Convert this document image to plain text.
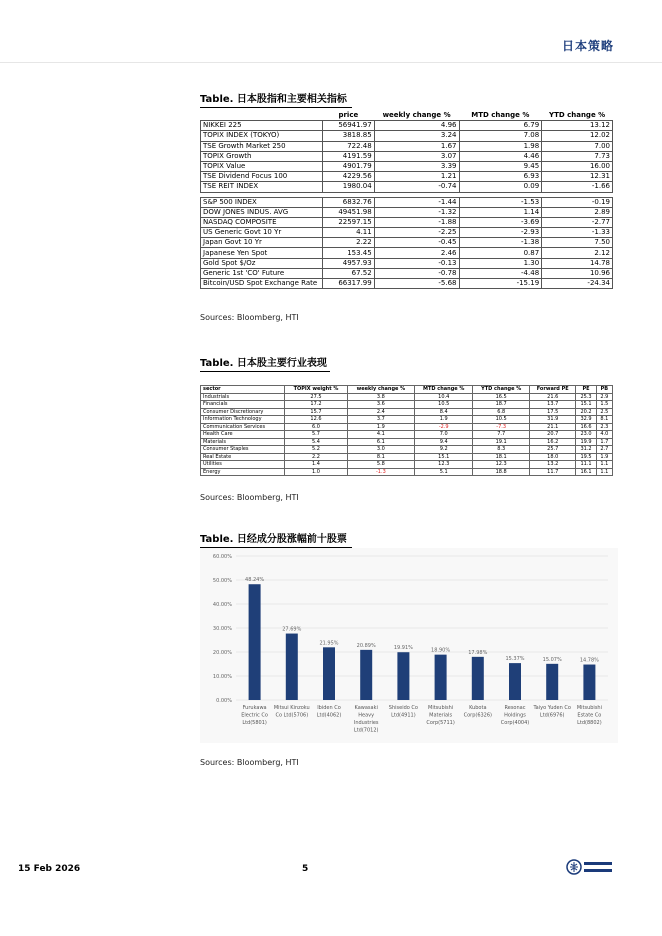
日本策略
Table. 日本股指和主要相关指标
	price	weekly change %	MTD change %	YTD change %
NIKKEI 225	56941.97	4.96	6.79	13.12
TOPIX INDEX (TOKYO)	3818.85	3.24	7.08	12.02
TSE Growth Market 250	722.48	1.67	1.98	7.00
TOPIX Growth	4191.59	3.07	4.46	7.73
TOPIX Value	4901.79	3.39	9.45	16.00
TSE Dividend Focus 100	4229.56	1.21	6.93	12.31
TSE REIT INDEX	1980.04	-0.74	0.09	-1.66

S&P 500 INDEX	6832.76	-1.44	-1.53	-0.19
DOW JONES INDUS. AVG	49451.98	-1.32	1.14	2.89
NASDAQ COMPOSITE	22597.15	-1.88	-3.69	-2.77
US Generic Govt 10 Yr	4.11	-2.25	-2.93	-1.33
Japan Govt 10 Yr	2.22	-0.45	-1.38	7.50
Japanese Yen Spot	153.45	2.46	0.87	2.12
Gold Spot $/Oz	4957.93	-0.13	1.30	14.78
Generic 1st 'CO' Future	67.52	-0.78	-4.48	10.96
Bitcoin/USD Spot Exchange Rate	66317.99	-5.68	-15.19	-24.34
Sources: Bloomberg, HTI
Table. 日本股主要行业表现
sector	TOPIX weight %	weekly change %	MTD change %	YTD change %	Forward PE	PE	PB
Industrials	27.5	3.8	10.4	16.5	21.6	25.3	2.9
Financials	17.2	3.6	10.5	18.7	13.7	15.1	1.5
Consumer Discretionary	15.7	2.4	8.4	6.8	17.5	20.2	2.5
Information Technology	12.6	3.7	1.9	10.5	31.9	32.9	8.1
Communication Services	6.0	1.9	-2.9	-7.3	21.1	16.6	2.3
Health Care	5.7	4.1	7.0	7.7	20.7	23.0	4.0
Materials	5.4	6.1	9.4	19.1	16.2	19.9	1.7
Consumer Staples	5.2	3.0	9.2	8.3	25.7	31.2	2.7
Real Estate	2.2	8.1	15.1	18.1	18.0	19.5	1.9
Utilities	1.4	5.8	12.3	12.3	13.2	11.1	1.1
Energy	1.0	-1.3	5.1	18.8	11.7	16.1	1.1
Sources: Bloomberg, HTI
Table. 日经成分股涨幅前十股票
0.00%
10.00%
20.00%
30.00%
40.00%
50.00%
60.00%
48.24%
Furukawa
Electric Co
Ltd(5801)
27.69%
Mitsui Kinzoku
Co Ltd(5706)
21.95%
Ibiden Co
Ltd(4062)
20.89%
Kawasaki
Heavy
Industries
Ltd(7012)
19.91%
Shiseido Co
Ltd(4911)
18.90%
Mitsubishi
Materials
Corp(5711)
17.98%
Kubota
Corp(6326)
15.37%
Resonac
Holdings
Corp(4004)
15.07%
Taiyo Yuden Co
Ltd(6976)
14.78%
Mitsubishi
Estate Co
Ltd(8802)
Sources: Bloomberg, HTI
15 Feb 2026	5
